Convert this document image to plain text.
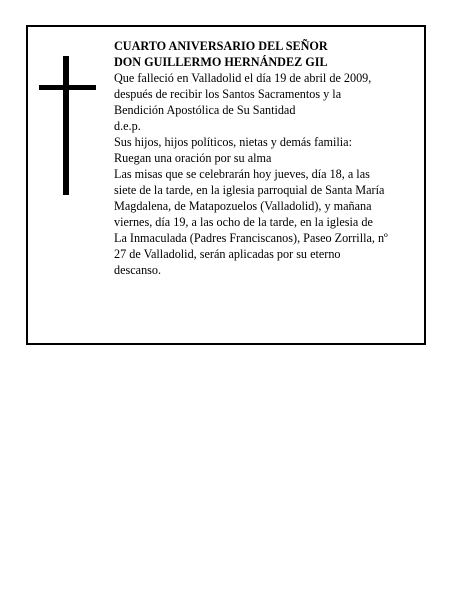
CUARTO ANIVERSARIO DEL SEÑOR
DON GUILLERMO HERNÁNDEZ GIL
Que falleció en Valladolid el día 19 de abril de 2009,
después de recibir los Santos Sacramentos y la
Bendición Apostólica de Su Santidad
d.e.p.
Sus hijos, hijos políticos, nietas y demás familia:
Ruegan una oración por su alma
Las misas que se celebrarán hoy jueves, día 18, a las
siete de la tarde, en la iglesia parroquial de Santa María
Magdalena, de Matapozuelos (Valladolid), y mañana
viernes, día 19, a las ocho de la tarde, en la iglesia de
La Inmaculada (Padres Franciscanos), Paseo Zorrilla, nº
27 de Valladolid, serán aplicadas por su eterno
descanso.
